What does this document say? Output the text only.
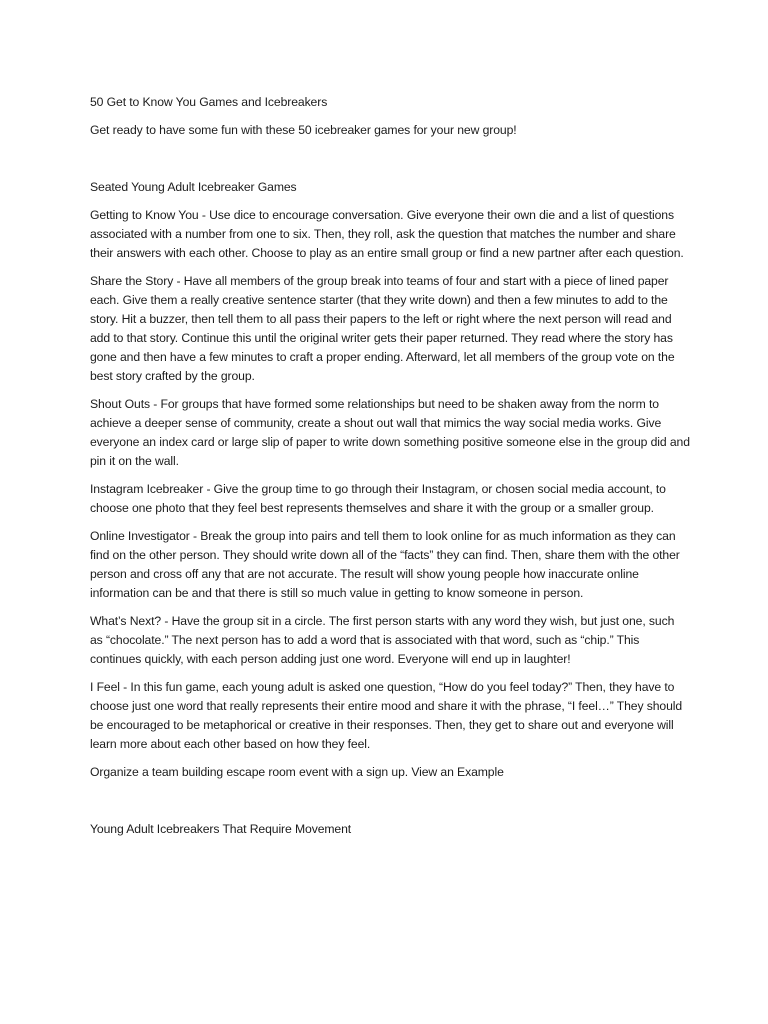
50 Get to Know You Games and Icebreakers

Get ready to have some fun with these 50 icebreaker games for your new group!

Seated Young Adult Icebreaker Games

Getting to Know You - Use dice to encourage conversation. Give everyone their own die and a list of questions associated with a number from one to six. Then, they roll, ask the question that matches the number and share their answers with each other. Choose to play as an entire small group or find a new partner after each question.

Share the Story - Have all members of the group break into teams of four and start with a piece of lined paper each. Give them a really creative sentence starter (that they write down) and then a few minutes to add to the story. Hit a buzzer, then tell them to all pass their papers to the left or right where the next person will read and add to that story. Continue this until the original writer gets their paper returned. They read where the story has gone and then have a few minutes to craft a proper ending. Afterward, let all members of the group vote on the best story crafted by the group.

Shout Outs - For groups that have formed some relationships but need to be shaken away from the norm to achieve a deeper sense of community, create a shout out wall that mimics the way social media works. Give everyone an index card or large slip of paper to write down something positive someone else in the group did and pin it on the wall.

Instagram Icebreaker - Give the group time to go through their Instagram, or chosen social media account, to choose one photo that they feel best represents themselves and share it with the group or a smaller group.

Online Investigator - Break the group into pairs and tell them to look online for as much information as they can find on the other person. They should write down all of the “facts” they can find. Then, share them with the other person and cross off any that are not accurate. The result will show young people how inaccurate online information can be and that there is still so much value in getting to know someone in person.

What’s Next? - Have the group sit in a circle. The first person starts with any word they wish, but just one, such as “chocolate.” The next person has to add a word that is associated with that word, such as “chip.” This continues quickly, with each person adding just one word. Everyone will end up in laughter!

I Feel - In this fun game, each young adult is asked one question, “How do you feel today?” Then, they have to choose just one word that really represents their entire mood and share it with the phrase, “I feel…” They should be encouraged to be metaphorical or creative in their responses. Then, they get to share out and everyone will learn more about each other based on how they feel.

Organize a team building escape room event with a sign up. View an Example

Young Adult Icebreakers That Require Movement
